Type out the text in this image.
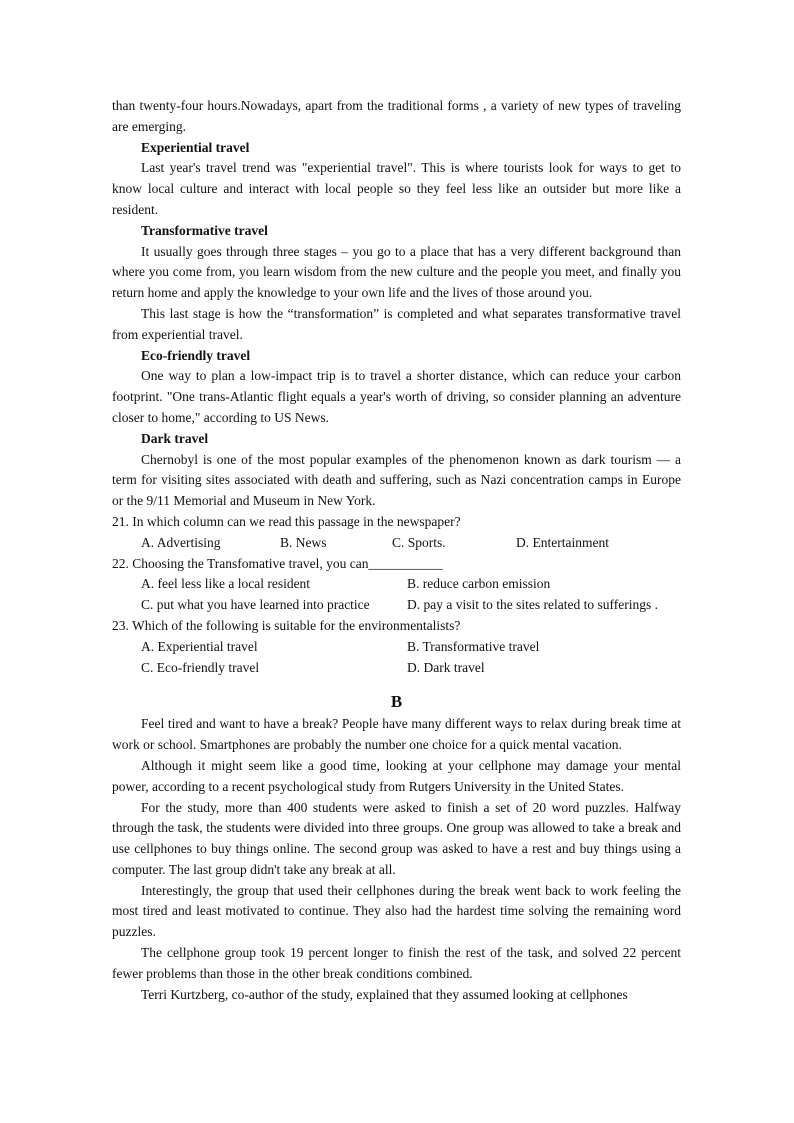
than twenty-four hours.Nowadays, apart from the traditional forms , a variety of new types of traveling are emerging.

Experiential travel

Last year's travel trend was "experiential travel". This is where tourists look for ways to get to know local culture and interact with local people so they feel less like an outsider but more like a resident.

Transformative travel

It usually goes through three stages – you go to a place that has a very different background than where you come from, you learn wisdom from the new culture and the people you meet, and finally you return home and apply the knowledge to your own life and the lives of those around you.

This last stage is how the “transformation” is completed and what separates transformative travel from experiential travel.

Eco-friendly travel

One way to plan a low-impact trip is to travel a shorter distance, which can reduce your carbon footprint. "One trans-Atlantic flight equals a year's worth of driving, so consider planning an adventure closer to home," according to US News.

Dark travel

Chernobyl is one of the most popular examples of the phenomenon known as dark tourism — a term for visiting sites associated with death and suffering, such as Nazi concentration camps in Europe or the 9/11 Memorial and Museum in New York.

21. In which column can we read this passage in the newspaper?

A. Advertising	B. News	C. Sports.	D. Entertainment

22. Choosing the Transfomative travel, you can___________

A. feel less like a local resident	B. reduce carbon emission
C. put what you have learned into practice	D. pay a visit to the sites related to sufferings .

23. Which of the following is suitable for the environmentalists?

A. Experiential travel	B. Transformative travel
C. Eco-friendly travel	D. Dark travel

B

Feel tired and want to have a break? People have many different ways to relax during break time at work or school. Smartphones are probably the number one choice for a quick mental vacation.

Although it might seem like a good time, looking at your cellphone may damage your mental power, according to a recent psychological study from Rutgers University in the United States.

For the study, more than 400 students were asked to finish a set of 20 word puzzles. Halfway through the task, the students were divided into three groups. One group was allowed to take a break and use cellphones to buy things online. The second group was asked to have a rest and buy things using a computer. The last group didn't take any break at all.

Interestingly, the group that used their cellphones during the break went back to work feeling the most tired and least motivated to continue. They also had the hardest time solving the remaining word puzzles.

The cellphone group took 19 percent longer to finish the rest of the task, and solved 22 percent fewer problems than those in the other break conditions combined.

Terri Kurtzberg, co-author of the study, explained that they assumed looking at cellphones
